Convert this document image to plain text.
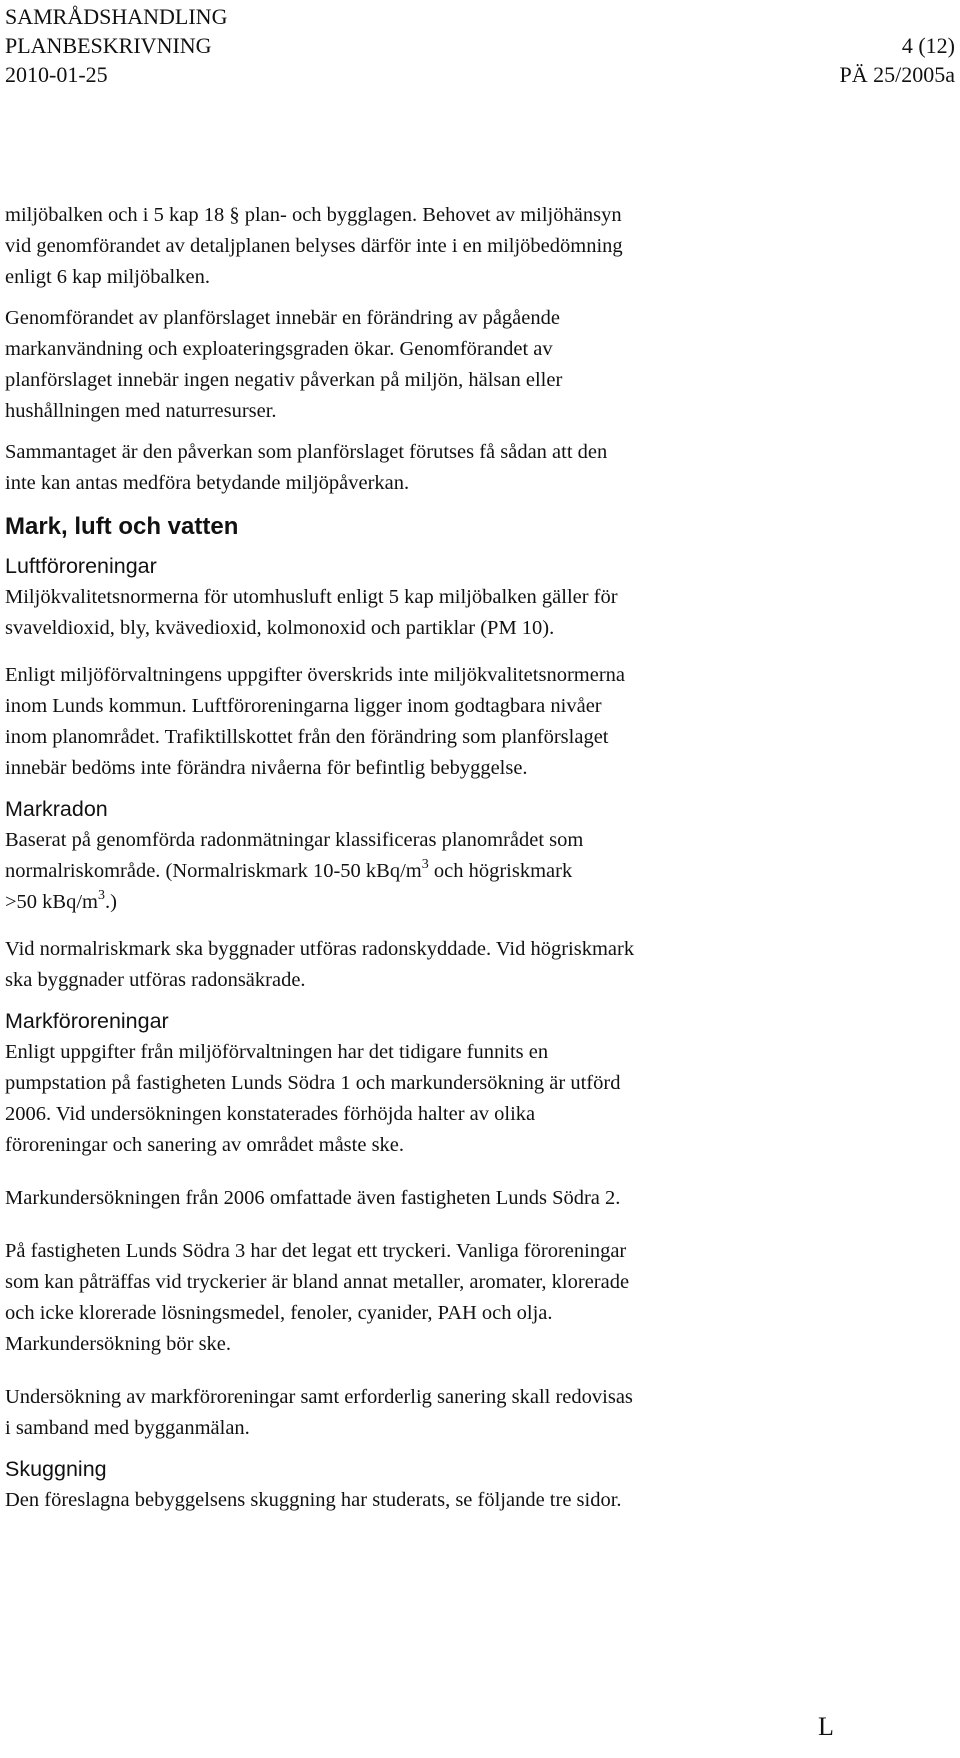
SAMRÅDSHANDLING
PLANBESKRIVNING	4 (12)
2010-01-25	PÄ 25/2005a

miljöbalken och i 5 kap 18 § plan- och bygglagen. Behovet av miljöhänsyn
vid genomförandet av detaljplanen belyses därför inte i en miljöbedömning
enligt 6 kap miljöbalken.

Genomförandet av planförslaget innebär en förändring av pågående
markanvändning och exploateringsgraden ökar. Genomförandet av
planförslaget innebär ingen negativ påverkan på miljön, hälsan eller
hushållningen med naturresurser.

Sammantaget är den påverkan som planförslaget förutses få sådan att den
inte kan antas medföra betydande miljöpåverkan.

Mark, luft och vatten
Luftföroreningar

Miljökvalitetsnormerna för utomhusluft enligt 5 kap miljöbalken gäller för
svaveldioxid, bly, kvävedioxid, kolmonoxid och partiklar (PM 10).

Enligt miljöförvaltningens uppgifter överskrids inte miljökvalitetsnormerna
inom Lunds kommun. Luftföroreningarna ligger inom godtagbara nivåer
inom planområdet. Trafiktillskottet från den förändring som planförslaget
innebär bedöms inte förändra nivåerna för befintlig bebyggelse.

Markradon

Baserat på genomförda radonmätningar klassificeras planområdet som
normalriskområde. (Normalriskmark 10-50 kBq/$m^3$ och högriskmark
>50 kBq/$m^3$.)

Vid normalriskmark ska byggnader utföras radonskyddade. Vid högriskmark
ska byggnader utföras radonsäkrade.

Markföroreningar

Enligt uppgifter från miljöförvaltningen har det tidigare funnits en
pumpstation på fastigheten Lunds Södra 1 och markundersökning är utförd
2006. Vid undersökningen konstaterades förhöjda halter av olika
föroreningar och sanering av området måste ske.

Markundersökningen från 2006 omfattade även fastigheten Lunds Södra 2.

På fastigheten Lunds Södra 3 har det legat ett tryckeri. Vanliga föroreningar
som kan påträffas vid tryckerier är bland annat metaller, aromater, klorerade
och icke klorerade lösningsmedel, fenoler, cyanider, PAH och olja.
Markundersökning bör ske.

Undersökning av markföroreningar samt erforderlig sanering skall redovisas
i samband med bygganmälan.

Skuggning

Den föreslagna bebyggelsens skuggning har studerats, se följande tre sidor.

L
